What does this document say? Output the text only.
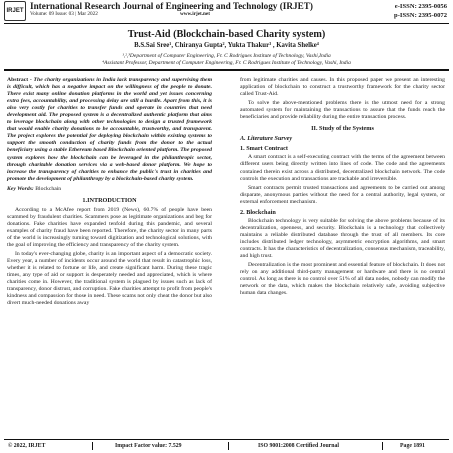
IRJET International Research Journal of Engineering and Technology (IRJET)
Volume: 09 Issue: 03 | Mar 2022	www.irjet.net
e-ISSN: 2395-0056
p-ISSN: 2395-0072
Trust-Aid (Blockchain-based Charity system)
B.S.Sai Sree¹, Chiranya Gupta², Yukta Thakur³ , Kavita Shelke⁴
¹,²,³Department of Computer Engineering, Fr. C Rodrigues Institute of Technology, Vashi,India
⁴Assistant Professor, Department of Computer Engineering, Fr. C Rodrigues Institute of Technology, Vashi, India

Abstract - The charity organizations in India lack transparency and supervising them is difficult, which has a negative impact on the willingness of the people to donate. There exist many online donation platforms in the world and yet issues concerning extra fees, accountability, and processing delay are still a hurdle. Apart from this, it is also very costly for charities to transfer funds and operate in countries that need development aid. The proposed system is a decentralized authentic platform that aims to leverage blockchain along with other technologies to design a trusted framework that would enable charity donations to be accountable, trustworthy, and transparent. The project explores the potential for deploying blockchain within existing systems to support the smooth conduction of charity funds from the donor to the actual beneficiary using a stable Ethereum based Blockchain oriented platform. The proposed system explores how the blockchain can be leveraged in the philanthropic sector, through charitable donation services via a web-based donor platform. We hope to increase the transparency of charities to enhance the public's trust in charities and promote the development of philanthropy by a blockchain-based charity system.

Key Words: Blockchain

1.INTRODUCTION

According to a McAfee report from 2019 (News), 60.7% of people have been scammed by fraudulent charities. Scammers pose as legitimate organizations and beg for donations. Fake charities have expanded tenfold during this pandemic, and several examples of charity fraud have been reported. Therefore, the charity sector in many parts of the world is increasingly turning toward digitization and technological solutions, with the goal of improving the efficiency and transparency of the charity system.

In today's ever-changing globe, charity is an important aspect of a democratic society. Every year, a number of incidents occur around the world that result in catastrophic loss, whether it is related to fortune or life, and create significant harm. During these tragic times, any type of aid or support is desperately needed and appreciated, which is where charities come in. However, the traditional system is plagued by issues such as lack of transparency, donor distrust, and corruption. Fake charities attempt to profit from people's kindness and compassion for those in need. These scams not only cheat the donor but also divert much-needed donations away

from legitimate charities and causes. In this proposed paper we present an interesting application of blockchain to construct a trustworthy framework for the charity sector called Trust-Aid.

To solve the above-mentioned problems there is the utmost need for a strong automated system for maintaining the transactions to assure that the funds reach the beneficiaries and provide reliability during the entire transaction process.

II. Study of the Systems
A. Literature Survey
1. Smart Contract

A smart contract is a self-executing contract with the terms of the agreement between different users being directly written into lines of code. The code and the agreements contained therein exist across a distributed, decentralized blockchain network. The code controls the execution and transactions are trackable and irreversible.

Smart contracts permit trusted transactions and agreements to be carried out among disparate, anonymous parties without the need for a central authority, legal system, or external enforcement mechanism.

2. Blockchain

Blockchain technology is very suitable for solving the above problems because of its decentralization, openness, and security. Blockchain is a technology that collectively maintains a reliable distributed database through the trust of all members. Its core includes distributed ledger technology, asymmetric encryption algorithms, and smart contracts. It has the characteristics of decentralization, consensus mechanism, traceability, and high trust.

Decentralization is the most prominent and essential feature of blockchain. It does not rely on any additional third-party management or hardware and there is no central control. As long as there is no control over 51% of all data nodes, nobody can modify the network or the data, which makes the blockchain relatively safe, avoiding subjective human data changes.

© 2022, IRJET	Impact Factor value: 7.529	ISO 9001:2008 Certified Journal	Page 1891
